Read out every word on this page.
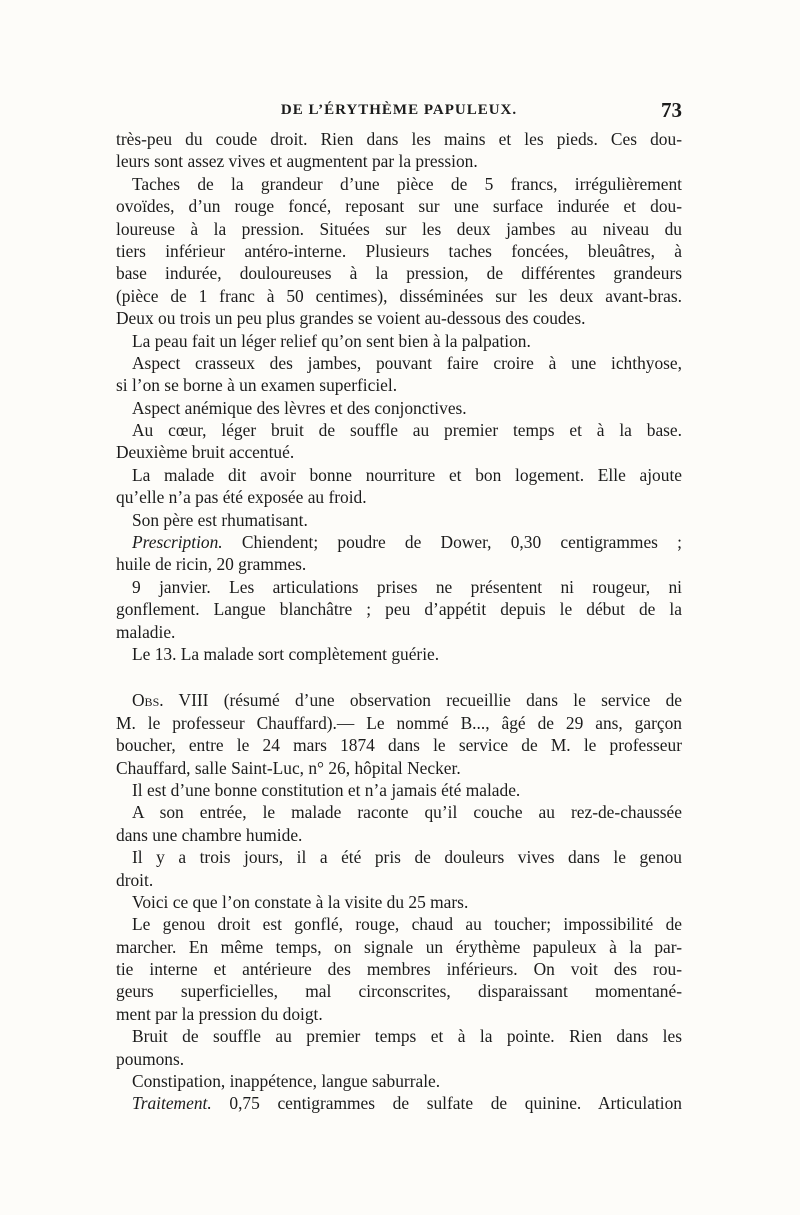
DE L’ÉRYTHÈME PAPULEUX.	73
très-peu du coude droit. Rien dans les mains et les pieds. Ces dou-
leurs sont assez vives et augmentent par la pression.
Taches de la grandeur d’une pièce de 5 francs, irrégulièrement
ovoïdes, d’un rouge foncé, reposant sur une surface indurée et dou-
loureuse à la pression. Situées sur les deux jambes au niveau du
tiers inférieur antéro-interne. Plusieurs taches foncées, bleuâtres, à
base indurée, douloureuses à la pression, de différentes grandeurs
(pièce de 1 franc à 50 centimes), disséminées sur les deux avant-bras.
Deux ou trois un peu plus grandes se voient au-dessous des coudes.
La peau fait un léger relief qu’on sent bien à la palpation.
Aspect crasseux des jambes, pouvant faire croire à une ichthyose,
si l’on se borne à un examen superficiel.
Aspect anémique des lèvres et des conjonctives.
Au cœur, léger bruit de souffle au premier temps et à la base.
Deuxième bruit accentué.
La malade dit avoir bonne nourriture et bon logement. Elle ajoute
qu’elle n’a pas été exposée au froid.
Son père est rhumatisant.
Prescription. Chiendent; poudre de Dower, 0,30 centigrammes ;
huile de ricin, 20 grammes.
9 janvier. Les articulations prises ne présentent ni rougeur, ni
gonflement. Langue blanchâtre ; peu d’appétit depuis le début de la
maladie.
Le 13. La malade sort complètement guérie.
Obs. VIII (résumé d’une observation recueillie dans le service de
M. le professeur Chauffard).— Le nommé B..., âgé de 29 ans, garçon
boucher, entre le 24 mars 1874 dans le service de M. le professeur
Chauffard, salle Saint-Luc, n° 26, hôpital Necker.
Il est d’une bonne constitution et n’a jamais été malade.
A son entrée, le malade raconte qu’il couche au rez-de-chaussée
dans une chambre humide.
Il y a trois jours, il a été pris de douleurs vives dans le genou
droit.
Voici ce que l’on constate à la visite du 25 mars.
Le genou droit est gonflé, rouge, chaud au toucher; impossibilité de
marcher. En même temps, on signale un érythème papuleux à la par-
tie interne et antérieure des membres inférieurs. On voit des rou-
geurs superficielles, mal circonscrites, disparaissant momentané-
ment par la pression du doigt.
Bruit de souffle au premier temps et à la pointe. Rien dans les
poumons.
Constipation, inappétence, langue saburrale.
Traitement. 0,75 centigrammes de sulfate de quinine. Articulation
